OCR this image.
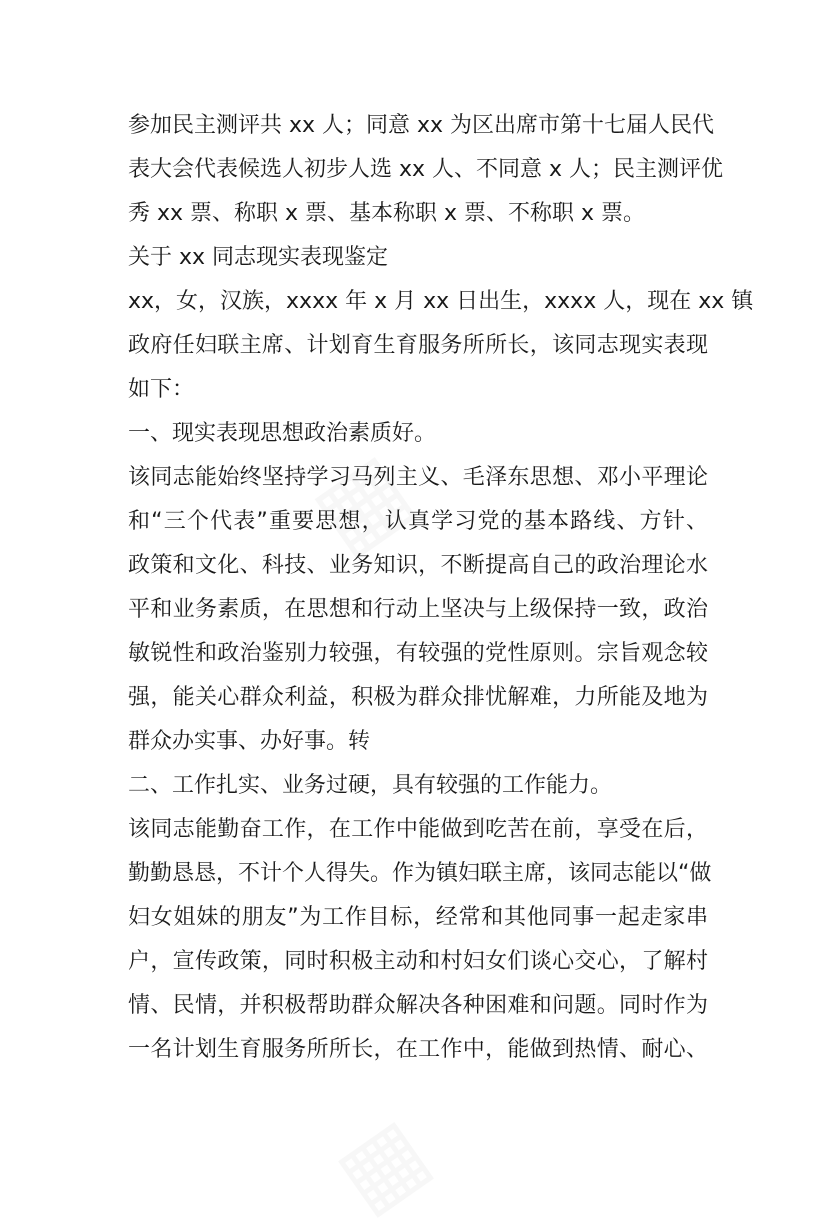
▦
参加民主测评共 xx 人；同意 xx 为区出席市第十七届人民代
表大会代表候选人初步人选 xx 人、不同意 x 人；民主测评优
秀 xx 票、称职 x 票、基本称职 x 票、不称职 x 票。
关于 xx 同志现实表现鉴定
xx，女，汉族，xxxx 年 x 月 xx 日出生，xxxx 人，现在 xx 镇
政府任妇联主席、计划育生育服务所所长，该同志现实表现
如下：
一、现实表现思想政治素质好。
该同志能始终坚持学习马列主义、毛泽东思想、邓小平理论
和“三个代表”重要思想，认真学习党的基本路线、方针、
政策和文化、科技、业务知识，不断提高自己的政治理论水
平和业务素质，在思想和行动上坚决与上级保持一致，政治
敏锐性和政治鉴别力较强，有较强的党性原则。宗旨观念较
强，能关心群众利益，积极为群众排忧解难，力所能及地为
群众办实事、办好事。转
二、工作扎实、业务过硬，具有较强的工作能力。
该同志能勤奋工作，在工作中能做到吃苦在前，享受在后，
勤勤恳恳，不计个人得失。作为镇妇联主席，该同志能以“做
妇女姐妹的朋友”为工作目标，经常和其他同事一起走家串
户，宣传政策，同时积极主动和村妇女们谈心交心，了解村
情、民情，并积极帮助群众解决各种困难和问题。同时作为
一名计划生育服务所所长，在工作中，能做到热情、耐心、
▦
